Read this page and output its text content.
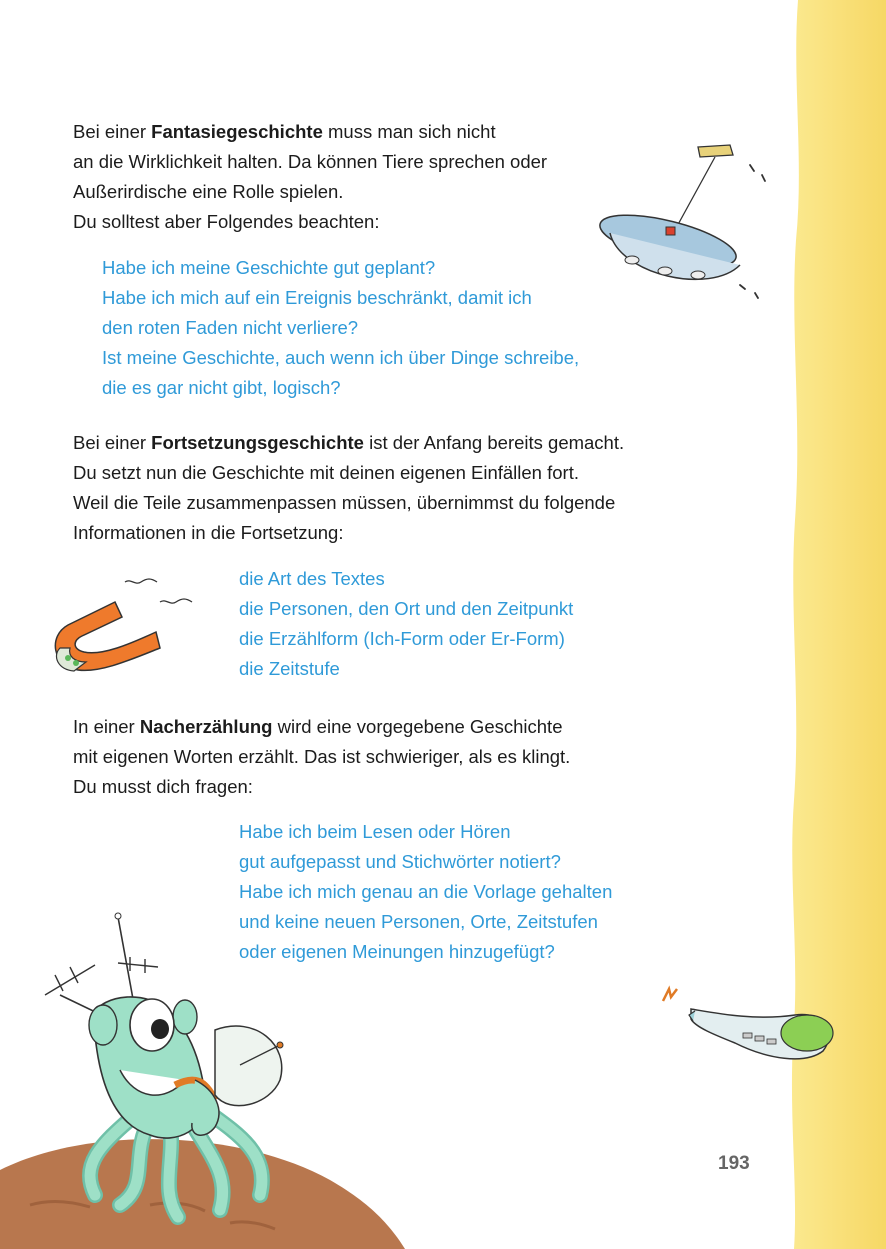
Bei einer Fantasiegeschichte muss man sich nicht
an die Wirklichkeit halten. Da können Tiere sprechen oder
Außerirdische eine Rolle spielen.
Du solltest aber Folgendes beachten:
Habe ich meine Geschichte gut geplant?
Habe ich mich auf ein Ereignis beschränkt, damit ich
den roten Faden nicht verliere?
Ist meine Geschichte, auch wenn ich über Dinge schreibe,
die es gar nicht gibt, logisch?
Bei einer Fortsetzungsgeschichte ist der Anfang bereits gemacht.
Du setzt nun die Geschichte mit deinen eigenen Einfällen fort.
Weil die Teile zusammenpassen müssen, übernimmst du folgende
Informationen in die Fortsetzung:
die Art des Textes
die Personen, den Ort und den Zeitpunkt
die Erzählform (Ich-Form oder Er-Form)
die Zeitstufe
In einer Nacherzählung wird eine vorgegebene Geschichte
mit eigenen Worten erzählt. Das ist schwieriger, als es klingt.
Du musst dich fragen:
Habe ich beim Lesen oder Hören
gut aufgepasst und Stichwörter notiert?
Habe ich mich genau an die Vorlage gehalten
und keine neuen Personen, Orte, Zeitstufen
oder eigenen Meinungen hinzugefügt?
193
